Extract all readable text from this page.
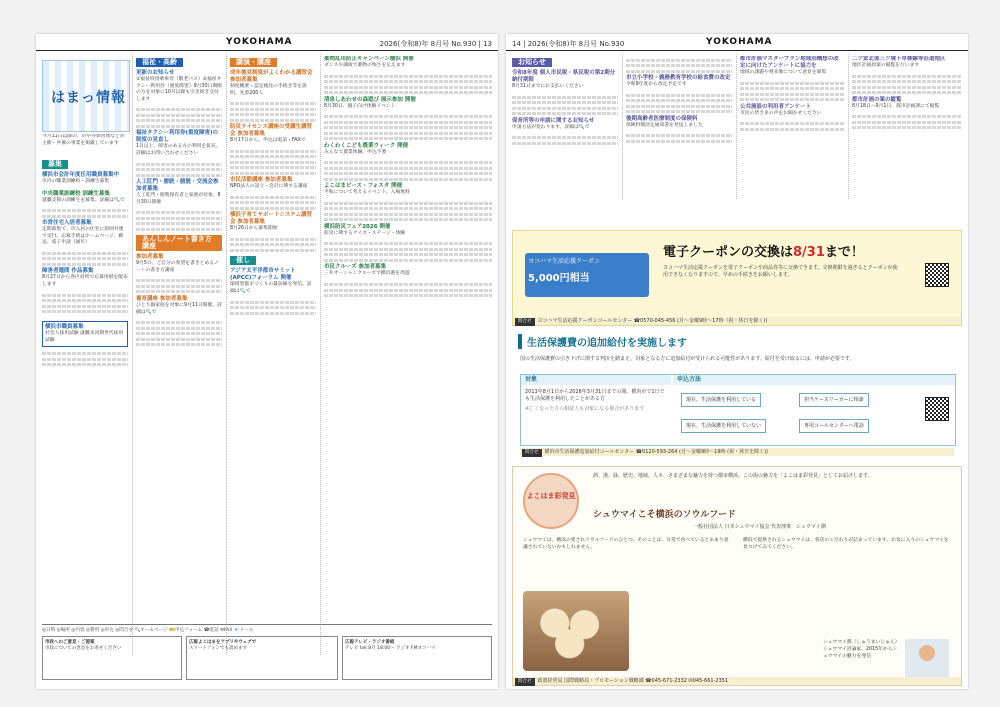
YOKOHAMA	2026(令和8)年 8月号 No.930 | 13
はまっ情報
今月11日以降の、市や外郭団体などが主催・共催の事業を掲載しています
募集
横浜市会計年度任用職員募集中
市内の職業訓練校・訓練生募集
中央職業訓練校 訓練生募集
就職支援の訓練生を募集。詳細は🔍で
市営住宅入居者募集
定期募集で、市入居の住宅に原則共連で受付。応募手続はホームページ、郵送、電子申請（通年）
障害者週間 作品募集
8月27日から各区役所で応募用紙を配布します
横浜市職員募集
社会人採用試験 就職氷河期世代採用試験
福祉・高齢
更新のお知らせ
①福祉特別乗車券（敬老パス）②福祉タクシー利用券（重度障害）9月30日期限の方を対象に10月以降も引き続き交付します
福祉タクシー利用券(重度障害)の制度の見直し
1日以上、障害のある方の利用を拡充。詳細はお問い合わせください
人工肛門・膀胱・膀胱・交流会参加者募集
人工肛門・膀胱保有者と家族が対象、8月30日開催
あんしんノート書き方講座
参加者募集
9月5日、ご自分の希望を書きとめるノートの書き方講座
養育講座 参加者募集
ひとり親家庭を対象に9月11日開催。詳細は🔍で
講演・講座
成年後見制度がよくわかる講習会 参加者募集
制度概要・認定後見の手続き等を説明。先着200人
防災ライセンス講座の受講生講習会 参加者募集
8月17日から。申込は電話・FAXで
市民活動講座 参加者募集
NPO法人の設立・会計に関する講座
横浜子育てサポートシステム講習会 参加者募集
8月26日から募集開始
催し
アジア太平洋都市サミット(APCC)フォーラム 開催
環境型都市づくりの最前線を発信。詳細は🔍で
薬物乱用防止キャンペーン横浜 開催
ダンスや講演で薬物の怖さを伝えます
清泉しあわせの森遊び 展示参加 開催
8月30日、親子向け体験イベント
わくわくこども農業ウィーク 開催
みんなで農業体験。申込不要
よこはまピース・フォスタ 開催
平和について考えるイベント。入場無料
横浜防災フェア2026 開催
防災に関するクイズ・ステージ・体験
市民クルーズ 参加者募集
三井オーシャンクルーズで横浜港を周遊
◎日時 ◎場所 ◎内容 ◎費用 ◎申込 ◎問合せ 🔍ホームページ 🎫申込フォーム ☎電話 ✉FAX 📧メール
市政へのご意見・ご提案
市政についての意見をお寄せください
広報よこはまをアプリやウェブで
スマートフォンでも読めます
広報テレビ・ラジオ番組
テレビ tvk 8月 18:00〜 ラジオ FMヨコハマ
14 | 2026(令和8)年 8月号 No.930	YOKOHAMA
お知らせ
令和8年度 個人市民税・県民税の第2期分 納付期限
8月31日までにお支払いください
保育所等の申請に関するお知らせ
申請方法が変わります。詳細は🔍で
市立小学校・義務教育学校の給食費の改定
令和9年度から改定予定です
後期高齢者医療制度の保険料
保険料額決定通知書を発送しました
都市計画マスタープラン地域別構想の改定に向けたアンケートに協力を
地域の課題や将来像について意見を募集
公共施設の利用者アンケート
市民の皆さまの声をお聞かせください
二ツ家北部三ツ境下草柳線等沿道地区
地区計画原案の縦覧を行います
都市計画の案の縦覧
8月18日〜9月1日、都市計画課にて縦覧
ヨコハマ生活応援クーポン
5,000円相当
電子クーポンの交換は8/31まで！
ヨコハマ生活応援クーポンを電子クーポンや商品券等に交換できます。交換期限を過ぎるとクーポンが使用できなくなりますので、早めの手続きをお願いします。
問合せ ヨコハマ生活応援クーポンコールセンター ☎0570-045-456 (月〜金曜9時〜17時（祝・休日を除く))
生活保護費の追加給付を実施します
国の生活保護費の引き下げに関する判決を踏まえ、対象となる方に追加給付が受けられる可能性があります。給付を受け取るには、申請が必要です。
対象	申込方法
2013年8月1日から2026年3月31日までの間、横浜市で1日でも生活保護を利用したことがある方
※亡くなった方の相続人も対象になる場合があります
現在、生活保護を利用している	担当ケースワーカーに相談
現在、生活保護を利用していない	専用コールセンターへ電話
問合せ 横浜市生活保護追加給付コールセンター ☎0120-593-264 (月〜金曜9時〜19時 (祝・休日を除く))
よこはま彩発見
酒、港、緑、歴史、地域、人々、さまざまな魅力を持つ都市横浜。この街の魅力を「よこはま彩発見」としてお届けします。
シュウマイこそ横浜のソウルフード
一般社団法人 日本シュウマイ協会 代表理事　シュウマイ潤
シュウマイは、横浜の愛されソウルフードのひとつ。そのことは、日常で食べているとあまり意識されていないかもしれません。
横浜で提供されるシュウマイは、各店のこだわりが詰まっています。お気に入りのシュウマイを見つけてみてください。
シュウマイ潤（しゅうまいじゅん）シュウマイ評論家。2015年からシュウマイの魅力を発信
問合せ 政策経営局 国際戦略局・プロモーション戦略課 ☎045-671-2332 ✉045-661-2351
